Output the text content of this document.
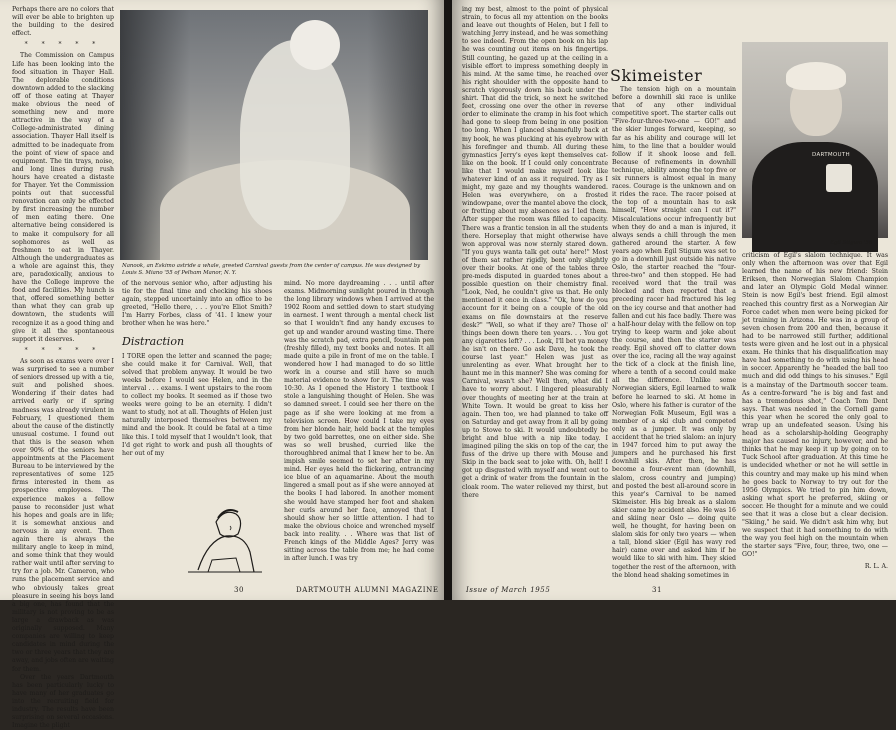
Perhaps there are no colors that will ever be able to brighten up the building to the desired effect.

* * * * *

The Commission on Campus Life has been looking into the food situation in Thayer Hall. The deplorable conditions downtown added to the slacking off of those eating at Thayer make obvious the need of something new and more attractive in the way of a College-administrated dining association. Thayer Hall itself is admitted to be inadequate from the point of view of space and equipment. The tin trays, noise, and long lines during rush hours have created a distaste for Thayer. Yet the Commission points out that successful renovation can only be effected by first increasing the number of men eating there. One alternative being considered is to make it compulsory for all sophomores as well as freshmen to eat in Thayer. Although the undergraduates as a whole are against this, they are, paradoxically, anxious to have the College improve the food and facilities. My hunch is that, offered something better than what they can grab up downtown, the students will recognize it as a good thing and give it all the spontaneous support it deserves.

* * * * *

As soon as exams were over I was surprised to see a number of seniors dressed up with a tie, suit and polished shoes. Wondering if their dates had arrived early or if spring madness was already virulent in February, I questioned them about the cause of the distinctly unusual costume. I found out that this is the season when over 90% of the seniors have appointments at the Placement Bureau to be interviewed by the representatives of some 125 firms interested in them as prospective employees. The experience makes a fellow pause to reconsider just what his hopes and goals are in life; it is somewhat anxious and nervous in any event. Then again there is always the military angle to keep in mind, and some think that they would rather wait until after serving to try for a job. Mr. Cameron, who runs the placement service and who obviously takes great pleasure in seeing his boys land a big one, has found that the military is not proving to be as large a drawback as was originally supposed. Many companies are willing to keep candidates in mind during the two or three years that they are away, and jobs often are waiting for them.

Over the years Dartmouth has been particularly lucky to have many of her graduates go into the recruiting field for industry. The results have been surprising on several occasions. Imagine the plight

Nanook, an Eskimo astride a whale, greeted Carnival guests from the center of campus. He was designed by Louis S. Miano '55 of Pelham Manor, N. Y.

of the nervous senior who, after adjusting his tie for the final time and checking his shoes again, stepped uncertainly into an office to be greeted, "Hello there, . . . you're Eliot Smith? I'm Harry Forbes, class of '41. I knew your brother when he was here."

Distraction

I TORE open the letter and scanned the page; she could make it for Carnival. Well, that solved that problem anyway. It would be two weeks before I would see Helen, and in the interval . . . exams. I went upstairs to the room to collect my books. It seemed as if those two weeks were going to be an eternity. I didn't want to study, not at all. Thoughts of Helen just naturally interposed themselves between my mind and the book. It could be fatal at a time like this. I told myself that I wouldn't look, that I'd get right to work and push all thoughts of her out of my

mind. No more daydreaming . . . until after exams. Midmorning sunlight poured in through the long library windows when I arrived at the 1902 Room and settled down to start studying in earnest. I went through a mental check list so that I wouldn't find any handy excuses to get up and wander around wasting time. There was the scratch pad, extra pencil, fountain pen (freshly filled), my text books and notes. It all made quite a pile in front of me on the table. I wondered how I had managed to do so little work in a course and still have so much material evidence to show for it. The time was 10:30. As I opened the History 1 textbook I stole a languishing thought of Helen. She was so damned sweet. I could see her there on the page as if she were looking at me from a television screen. How could I take my eyes from her blonde hair, held back at the temples by two gold barrettes, one on either side. She was so well brushed, curried like the thoroughbred animal that I knew her to be. An impish smile seemed to set her after in my mind. Her eyes held the flickering, entrancing ice blue of an aquamarine. About the mouth lingered a small pout as if she were annoyed at the books I had labored. In another moment she would have stamped her foot and shaken her curls around her face, annoyed that I should show her so little attention. I had to make the obvious choice and wrenched myself back into reality. . . Where was that list of French kings of the Middle Ages? Jerry was sitting across the table from me; he had come in after lunch. I was try

30	DARTMOUTH ALUMNI MAGAZINE

ing my best, almost to the point of physical strain, to focus all my attention on the books and leave out thoughts of Helen, but I fell to watching Jerry instead, and he was something to see indeed. From the open book on his lap he was counting out items on his fingertips. Still counting, he gazed up at the ceiling in a visible effort to impress something deeply in his mind. At the same time, he reached over his right shoulder with the opposite hand to scratch vigorously down his back under the shirt. That did the trick, so next he switched feet, crossing one over the other in reverse order to eliminate the cramp in his foot which had gone to sleep from being in one position too long. When I glanced shamefully back at my book, he was plucking at his eyebrow with his forefinger and thumb. All during these gymnastics Jerry's eyes kept themselves cat-like on the book. If I could only concentrate like that I would make myself look like whatever kind of an ass it required. Try as I might, my gaze and my thoughts wandered. Helen was everywhere, on a frosted windowpane, over the mantel above the clock, or fretting about my absences as I led them. After supper the room was filled to capacity. There was a frantic tension in all the students there. Horseplay that might otherwise have won approval was now sternly stared down. "If you guys wanta talk get outa' here!" Most of them sat rather rigidly, bent only slightly over their books. At one of the tables three pre-meds disputed in guarded tones about a possible question on their chemistry final. "Look, Ned, he couldn't give us that. He only mentioned it once in class." "Ok, how do you account for it being on a couple of the old exams on file downstairs at the reserve desk?" "Well, so what if they are? Those ol' things been down there ten years. . . You got any cigarettes left? . . . Look, I'll bet ya money he isn't on there. Go ask Dave, he took the course last year." Helen was just as unrelenting as ever. What brought her to haunt me in this manner? She was coming for Carnival, wasn't she? Well then, what did I have to worry about. I lingered pleasurably over thoughts of meeting her at the train at White Town. It would be great to kiss her again. Then too, we had planned to take off on Saturday and get away from it all by going up to Stowe to ski. It would undoubtedly be bright and blue with a nip like today. I imagined piling the skis on top of the car, the fuss of the drive up there with Mouse and Skip in the back seat to joke with. Oh, hell! I got up disgusted with myself and went out to get a drink of water from the fountain in the cloak room. The water relieved my thirst, but there

Skimeister

The tension high on a mountain before a downhill ski race is unlike that of any other individual competitive sport. The starter calls out "Five-four-three-two-one — GO!" and the skier lunges forward, keeping, so far as his ability and courage will let him, to the line that a boulder would follow if it shook loose and fell. Because of refinements in downhill technique, ability among the top five or six runners is almost equal in many races. Courage is the unknown and on it rides the race. The racer poised at the top of a mountain has to ask himself, "How straight can I cut it?" Miscalculations occur infrequently but when they do and a man is injured, it always sends a chill through the men gathered around the starter. A few years ago when Egil Stigum was set to go in a downhill just outside his native Oslo, the starter reached the "four-three-two" and then stopped. He had received word that the trail was blocked and then reported that a preceding racer had fractured his leg on the icy course and that another had fallen and cut his face badly. There was a half-hour delay with the fellow on top trying to keep warm and joke about the course, and then the starter was ready. Egil shoved off to clatter down over the ice, racing all the way against the tick of a clock at the finish line, where a tenth of a second could make all the difference. Unlike some Norwegian skiers, Egil learned to walk before he learned to ski. At home in Oslo, where his father is curator of the Norwegian Folk Museum, Egil was a member of a ski club and competed only as a jumper. It was only by accident that he tried slalom: an injury in 1947 forced him to put away the jumpers and he purchased his first downhill skis. After then, he has become a four-event man (downhill, slalom, cross country and jumping) and posted the best all-around score in this year's Carnival to be named Skimeister. His big break as a slalom skier came by accident also. He was 16 and skiing near Oslo — doing quite well, he thought, for having been on slalom skis for only two years — when a tall, blond skier (Egil has wavy red hair) came over and asked him if he would like to ski with him. They skied together the rest of the afternoon, with the blond head shaking sometimes in

DARTMOUTH
Egil Stigum '56

criticism of Egil's slalom technique. It was only when the afternoon was over that Egil learned the name of his new friend: Stein Eriksen, then Norwegian Slalom Champion and later an Olympic Gold Medal winner. Stein is now Egil's best friend. Egil almost reached this country first as a Norwegian Air Force cadet when men were being picked for jet training in Arizona. He was in a group of seven chosen from 200 and then, because it had to be narrowed still further, additional tests were given and he lost out in a physical exam. He thinks that his disqualification may have had something to do with using his head in soccer. Apparently he "headed the ball too much and did odd things to his sinuses." Egil is a mainstay of the Dartmouth soccer team. As a centre-forward "he is big and fast and has a tremendous shot," Coach Tom Dent says. That was needed in the Cornell game this year when he scored the only goal to wrap up an undefeated season. Using his head as a scholarship-holding Geography major has caused no injury, however, and he thinks that he may keep it up by going on to Tuck School after graduation. At this time he is undecided whether or not he will settle in this country and may make up his mind when he goes back to Norway to try out for the 1956 Olympics. We tried to pin him down, asking what sport he preferred, skiing or soccer. He thought for a minute and we could see that it was a close but a clear decision. "Skiing," he said. We didn't ask him why, but we suspect that it had something to do with the way you feel high on the mountain when the starter says "Five, four, three, two, one — GO!"

R. L. A.

Issue of March 1955	31
